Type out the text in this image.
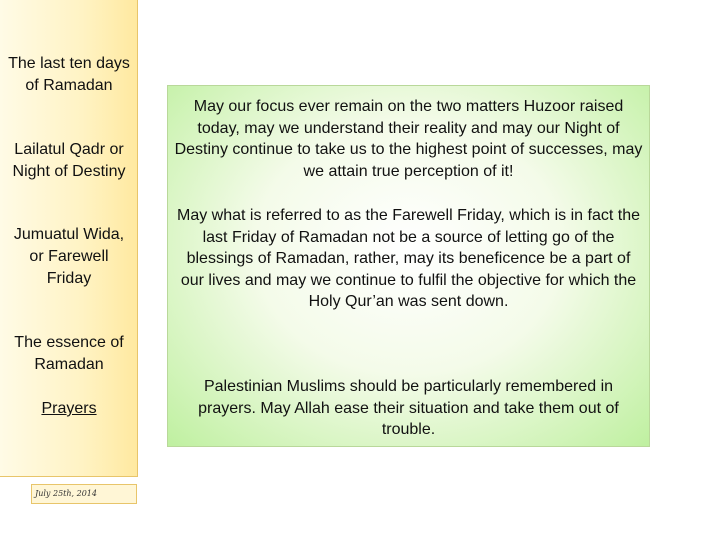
The last ten days of Ramadan
Lailatul Qadr or Night of Destiny
Jumuatul Wida, or Farewell Friday
The essence of Ramadan
Prayers
July 25th, 2014
May our focus ever remain on the two matters Huzoor raised today, may we understand their reality and may our Night of Destiny continue to take us to the highest point of successes, may we attain true perception of it!
May what is referred to as the Farewell Friday, which is in fact the last Friday of Ramadan not be a source of letting go of the blessings of Ramadan, rather, may its beneficence be a part of our lives and may we continue to fulfil the objective for which the Holy Qur’an was sent down.
Palestinian Muslims should be particularly remembered in prayers. May Allah ease their situation and take them out of trouble.
